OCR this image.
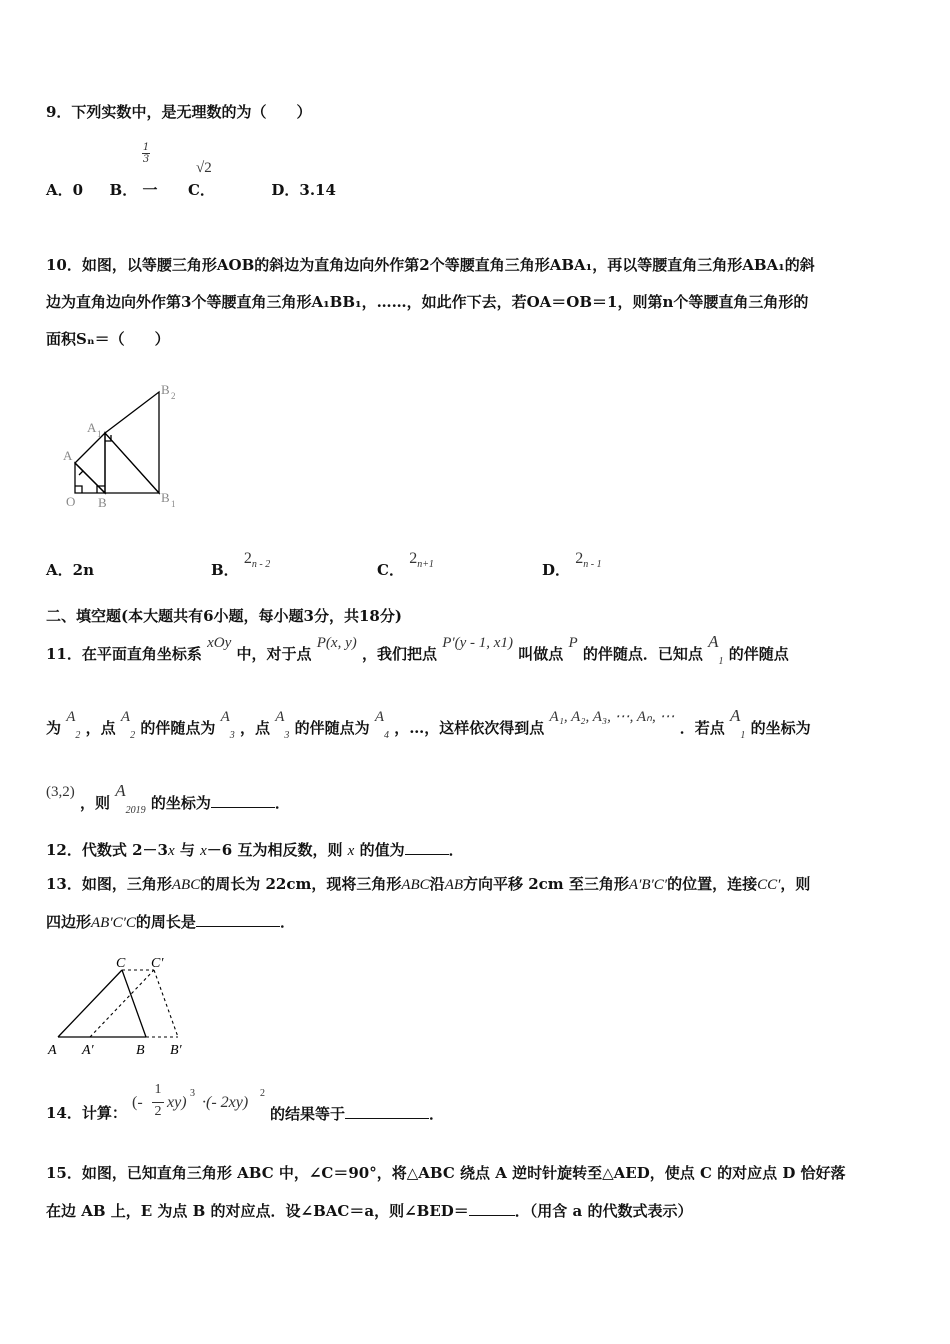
9．下列实数中，是无理数的为（　　）
A．0 B． 一 C．	D．3.14
1
3
√2
10．如图，以等腰三角形AOB的斜边为直角边向外作第2个等腰直角三角形ABA₁，再以等腰直角三角形ABA₁的斜
边为直角边向外作第3个等腰直角三角形A₁BB₁，……，如此作下去，若OA＝OB＝1，则第n个等腰直角三角形的
面积Sₙ＝（　　）
O
A
B
A 1
B 1
B 2
A．2n	B． 2$^{n - 2}$	C． $2^{n+1}$	D． 2$^{n - 1}$
二、填空题(本大题共有6小题，每小题3分，共18分)
11．在平面直角坐标系 xOy 中，对于点 P(x, y) ，我们把点 P′(y - 1, x1) 叫做点 P 的伴随点．已知点 $A_1$ 的伴随点
为 $A_2$ ，点 $A_2$ 的伴随点为 $A_3$ ，点 $A_3$ 的伴随点为 $A_4$ ，…，这样依次得到点 A₁, A₂, A₃, ⋯, Aₙ, ⋯ ．若点 $A_1$ 的坐标为
(3,2) ，则 $A_{2019}$ 的坐标为	．
12．代数式 2－3x 与 x－6 互为相反数，则 x 的值为	．
13．如图，三角形ABC的周长为 22cm，现将三角形ABC沿AB方向平移 2cm 至三角形A′B′C′的位置，连接CC′，则
四边形AB′C′C的周长是	．
A A′	B B′
C C′
14．计算：
(-
1
2
xy)
3
·(- 2xy)
2
的结果等于	．
15．如图，已知直角三角形 ABC 中，∠C＝90°，将△ABC 绕点 A 逆时针旋转至△AED，使点 C 的对应点 D 恰好落
在边 AB 上，E 为点 B 的对应点．设∠BAC＝a，则∠BED＝	．（用含 a 的代数式表示）
